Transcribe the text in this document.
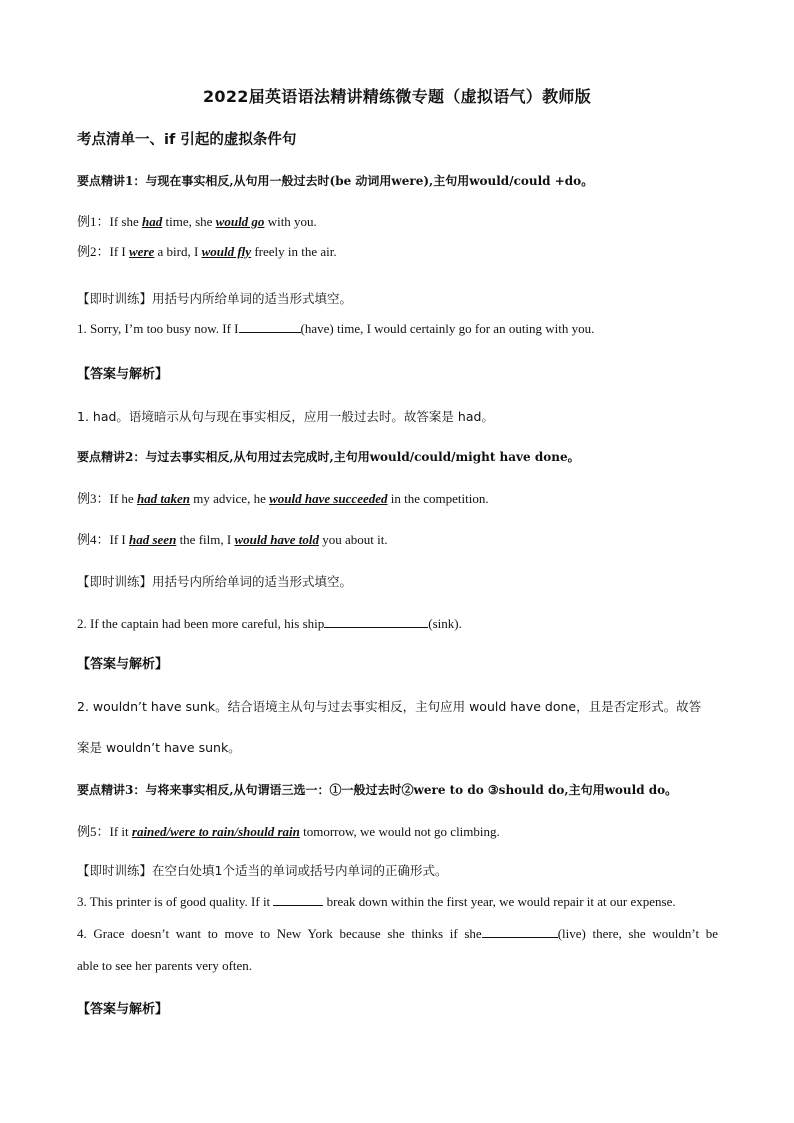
2022届英语语法精讲精练微专题（虚拟语气）教师版
考点清单一、if 引起的虚拟条件句
要点精讲1：与现在事实相反,从句用一般过去时(be 动词用were),主句用would/could +do。
例1：If she had time, she would go with you.
例2：If I were a bird, I would fly freely in the air.
【即时训练】用括号内所给单词的适当形式填空。
1. Sorry, I’m too busy now. If I	(have) time, I would certainly go for an outing with you.
【答案与解析】
1. had。语境暗示从句与现在事实相反，应用一般过去时。故答案是 had。
要点精讲2：与过去事实相反,从句用过去完成时,主句用would/could/might have done。
例3：If he had taken my advice, he would have succeeded in the competition.
例4：If I had seen the film, I would have told you about it.
【即时训练】用括号内所给单词的适当形式填空。
2. If the captain had been more careful, his ship	(sink).
【答案与解析】
2. wouldn’t have sunk。结合语境主从句与过去事实相反，主句应用 would have done，且是否定形式。故答
案是 wouldn’t have sunk。
要点精讲3：与将来事实相反,从句谓语三选一：①一般过去时②were to do ③should do,主句用would do。
例5：If it rained/were to rain/should rain tomorrow, we would not go climbing.
【即时训练】在空白处填1个适当的单词或括号内单词的正确形式。
3. This printer is of good quality. If it	break down within the first year, we would repair it at our expense.
4. Grace doesn’t want to move to New York because she thinks if she	(live) there, she wouldn’t be
able to see her parents very often.
【答案与解析】
